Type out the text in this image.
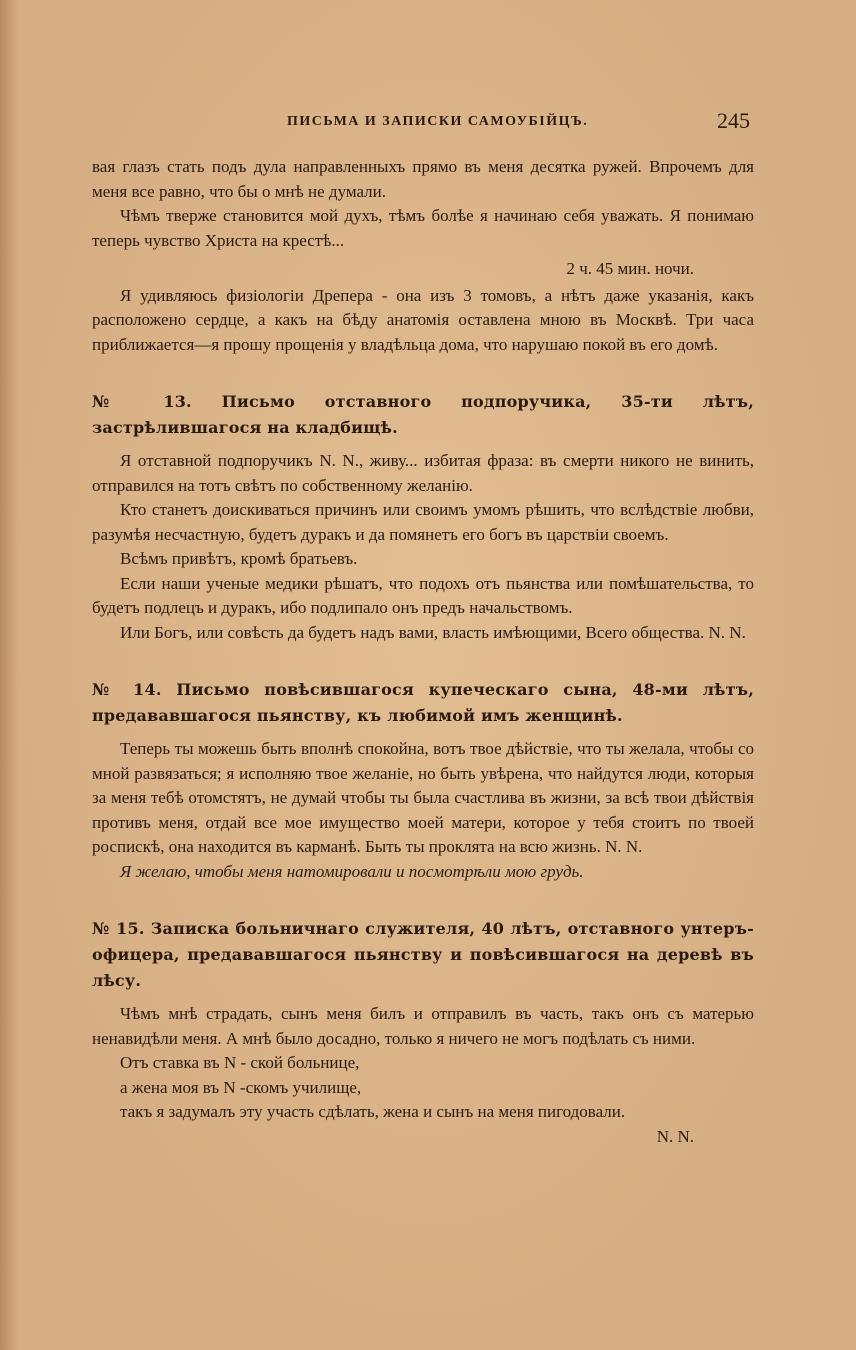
ПИСЬМА И ЗАПИСКИ САМОУБІЙЦЪ.	245

вая глазъ стать подъ дула направленныхъ прямо въ меня десятка ружей. Впрочемъ для меня все равно, что бы о мнѣ не думали.

Чѣмъ тверже становится мой духъ, тѣмъ болѣе я начинаю себя уважать. Я понимаю теперь чувство Христа на крестѣ...

2 ч. 45 мин. ночи.

Я удивляюсь физіологіи Дрепера - она изъ 3 томовъ, а нѣтъ даже указанія, какъ расположено сердце, а какъ на бѣду анатомія оставлена мною въ Москвѣ. Три часа приближается—я прошу прощенія у владѣльца дома, что нарушаю покой въ его домѣ.

№ 13. Письмо отставного подпоручика, 35-ти лѣтъ, застрѣлившагося на кладбищѣ.

Я отставной подпоручикъ N. N., живу... избитая фраза: въ смерти никого не винить, отправился на тотъ свѣтъ по собственному желанію.

Кто станетъ доискиваться причинъ или своимъ умомъ рѣшить, что вслѣдствіе любви, разумѣя несчастную, будетъ дуракъ и да помянетъ его богъ въ царствіи своемъ.

Всѣмъ привѣтъ, кромѣ братьевъ.

Если наши ученые медики рѣшатъ, что подохъ отъ пьянства или помѣшательства, то будетъ подлецъ и дуракъ, ибо подлипало онъ предъ начальствомъ.

Или Богъ, или совѣсть да будетъ надъ вами, власть имѣющими, Всего общества. N. N.

№ 14. Письмо повѣсившагося купеческаго сына, 48-ми лѣтъ, предававшагося пьянству, къ любимой имъ женщинѣ.

Теперь ты можешь быть вполнѣ спокойна, вотъ твое дѣйствіе, что ты желала, чтобы со мной развязаться; я исполняю твое желаніе, но быть увѣрена, что найдутся люди, которыя за меня тебѣ отомстятъ, не думай чтобы ты была счастлива въ жизни, за всѣ твои дѣйствія противъ меня, отдай все мое имущество моей матери, которое у тебя стоитъ по твоей роспискѣ, она находится въ карманѣ. Быть ты проклята на всю жизнь. N. N.

Я желаю, чтобы меня натомировали и посмотрѣли мою грудь.

№ 15. Записка больничнаго служителя, 40 лѣтъ, отставного унтеръ-офицера, предававшагося пьянству и повѣсившагося на деревѣ въ лѣсу.

Чѣмъ мнѣ страдать, сынъ меня билъ и отправилъ въ часть, такъ онъ съ матерью ненавидѣли меня. А мнѣ было досадно, только я ничего не могъ подѣлать съ ними.

Отъ ставка въ N - ской больнице,

а жена моя въ N -скомъ училище,

такъ я задумалъ эту участь сдѣлать, жена и сынъ на меня пигодовали.

N. N.
